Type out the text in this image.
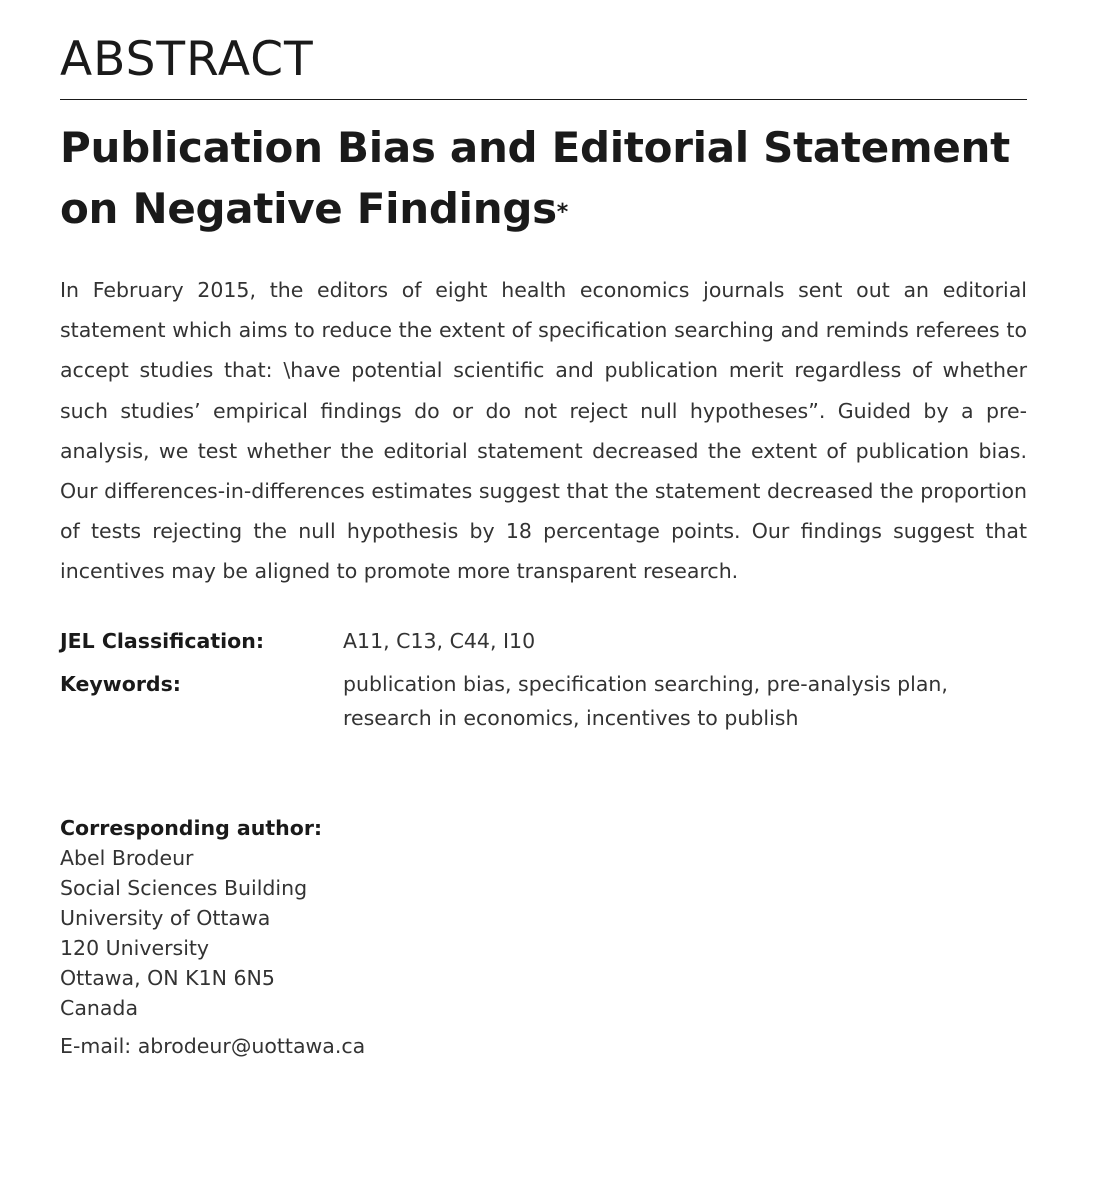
ABSTRACT
Publication Bias and Editorial Statement on Negative Findings*

In February 2015, the editors of eight health economics journals sent out an editorial statement which aims to reduce the extent of specification searching and reminds referees to accept studies that: \have potential scientific and publication merit regardless of whether such studies’ empirical findings do or do not reject null hypotheses”. Guided by a pre-analysis, we test whether the editorial statement decreased the extent of publication bias. Our differences-in-differences estimates suggest that the statement decreased the proportion of tests rejecting the null hypothesis by 18 percentage points. Our findings suggest that incentives may be aligned to promote more transparent research.

JEL Classification:	A11, C13, C44, I10
Keywords:	publication bias, specification searching, pre-analysis plan,
research in economics, incentives to publish
Corresponding author:
Abel Brodeur
Social Sciences Building
University of Ottawa
120 University
Ottawa, ON K1N 6N5
Canada
E-mail: abrodeur@uottawa.ca
